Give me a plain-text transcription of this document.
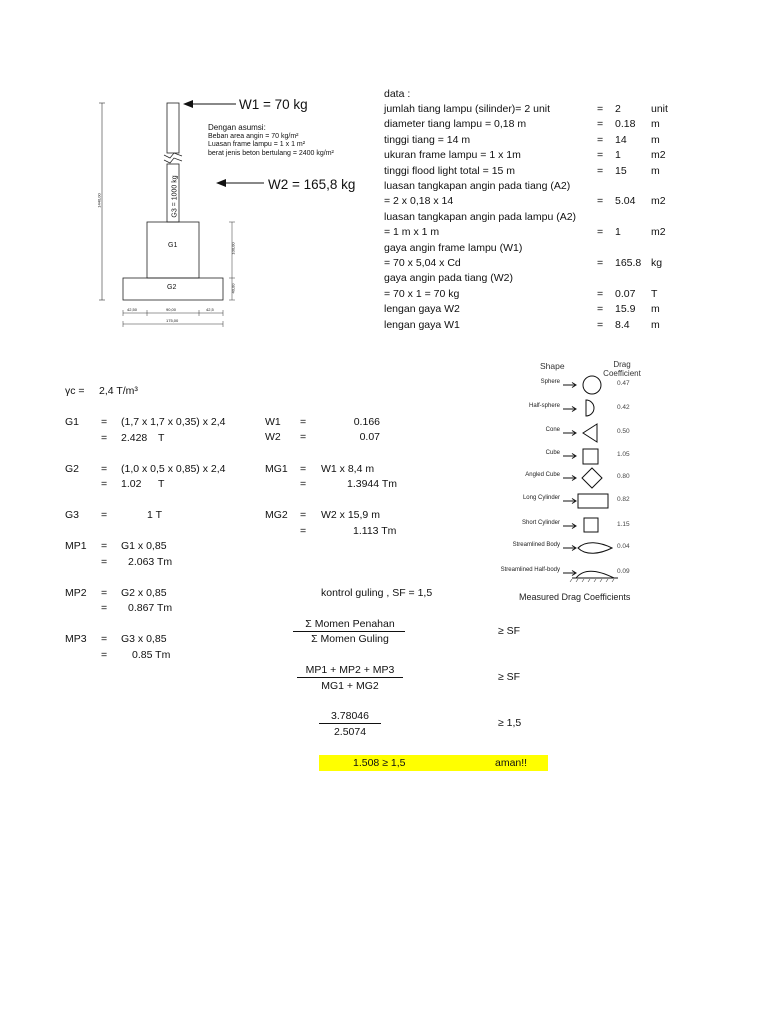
W1 = 70 kg
W2 = 165,8 kg
Dengan asumsi:
Beban area angin = 70 kg/m²
Luasan frame lampu = 1 x 1 m²
berat jenis beton bertulang = 2400 kg/m²
G3 = 1000 kg
G1
G2
1440,00
100,00
40,00
42,50	90,00	42,5
175,00
data :
jumlah tiang lampu (silinder)= 2 unit	= 2	unit
diameter tiang lampu = 0,18 m	= 0.18 m
tinggi tiang = 14 m	= 14 m
ukuran frame lampu = 1 x 1m	= 1	m2
tinggi flood light total = 15 m	= 15 m
luasan tangkapan angin pada tiang (A2)
= 2 x 0,18 x 14	= 5.04 m2
luasan tangkapan angin pada lampu (A2)
= 1 m x 1 m	= 1	m2
gaya angin frame lampu (W1)
= 70 x 5,04 x Cd	= 165.8 kg
gaya angin pada tiang (W2)
= 70 x 1 = 70 kg	= 0.07 T
lengan gaya W2	= 15.9 m
lengan gaya W1	= 8.4 m
Shape	Drag Coefficient
Sphere	0.47
Half-sphere	0.42
Cone	0.50
Cube	1.05
Angled Cube	0.80
Long Cylinder	0.82
Short Cylinder	1.15
Streamlined Body	0.04
Streamlined Half-body	0.09
Measured Drag Coefficients
γc = 2,4 T/m³
G1 = (1,7 x 1,7 x 0,35) x 2,4
= 2.428 T
G2 = (1,0 x 0,5 x 0,85) x 2,4
= 1.02 T
G3 =	1 T
MP1 = G1 x 0,85
= 2.063 Tm
MP2 = G2 x 0,85
= 0.867 Tm
MP3 = G3 x 0,85
= 0.85 Tm
W1 =	0.166
W2 =	0.07
MG1 = W1 x 8,4 m
=	1.3944 Tm
MG2 = W2 x 15,9 m
=	1.113 Tm
kontrol guling , SF = 1,5
Σ Momen Penahan
Σ Momen Guling
≥ SF
MP1 + MP2 + MP3
MG1 + MG2
≥ SF
3.78046
2.5074
≥ 1,5
1.508 ≥ 1,5	aman!!
